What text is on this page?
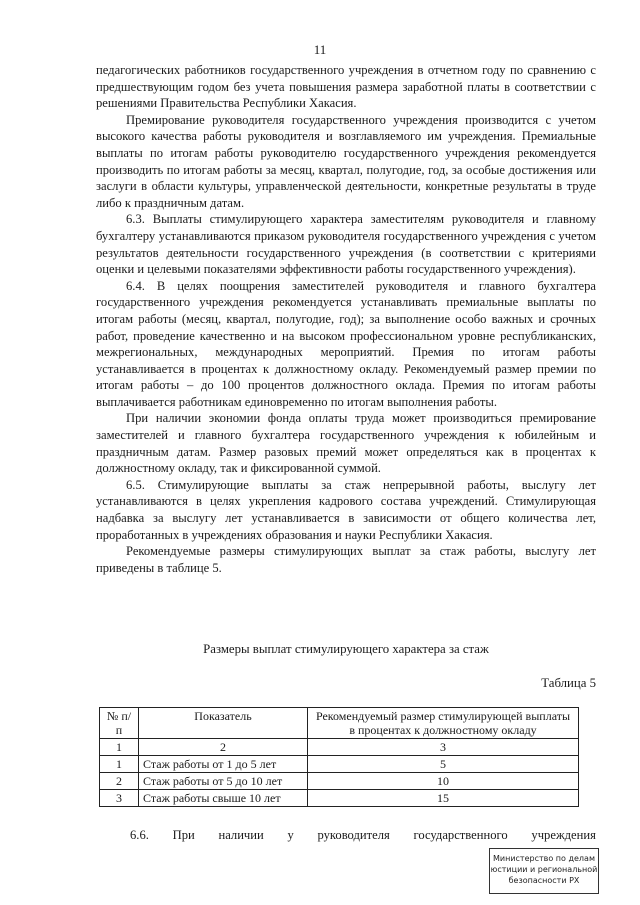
11

педагогических работников государственного учреждения в отчетном году по сравнению с предшествующим годом без учета повышения размера заработной платы в соответствии с решениями Правительства Республики Хакасия.

Премирование руководителя государственного учреждения производится с учетом высокого качества работы руководителя и возглавляемого им учреждения. Премиальные выплаты по итогам работы руководителю государственного учреждения рекомендуется производить по итогам работы за месяц, квартал, полугодие, год, за особые достижения или заслуги в области культуры, управленческой деятельности, конкретные результаты в труде либо к праздничным датам.

6.3. Выплаты стимулирующего характера заместителям руководителя и главному бухгалтеру устанавливаются приказом руководителя государственного учреждения с учетом результатов деятельности государственного учреждения (в соответствии с критериями оценки и целевыми показателями эффективности работы государственного учреждения).

6.4. В целях поощрения заместителей руководителя и главного бухгалтера государственного учреждения рекомендуется устанавливать премиальные выплаты по итогам работы (месяц, квартал, полугодие, год); за выполнение особо важных и срочных работ, проведение качественно и на высоком профессиональном уровне республиканских, межрегиональных, международных мероприятий. Премия по итогам работы устанавливается в процентах к должностному окладу. Рекомендуемый размер премии по итогам работы – до 100 процентов должностного оклада. Премия по итогам работы выплачивается работникам единовременно по итогам выполнения работы.

При наличии экономии фонда оплаты труда может производиться премирование заместителей и главного бухгалтера государственного учреждения к юбилейным и праздничным датам. Размер разовых премий может определяться как в процентах к должностному окладу, так и фиксированной суммой.

6.5. Стимулирующие выплаты за стаж непрерывной работы, выслугу лет устанавливаются в целях укрепления кадрового состава учреждений. Стимулирующая надбавка за выслугу лет устанавливается в зависимости от общего количества лет, проработанных в учреждениях образования и науки Республики Хакасия.

Рекомендуемые размеры стимулирующих выплат за стаж работы, выслугу лет приведены в таблице 5.

Размеры выплат стимулирующего характера за стаж
Таблица 5
№ п/п	Показатель	Рекомендуемый размер стимулирующей выплаты в процентах к должностному окладу
1	2	3
1	Стаж работы от 1 до 5 лет	5
2	Стаж работы от 5 до 10 лет	10
3	Стаж работы свыше 10 лет	15
6.6. При наличии у руководителя государственного учреждения
Министерство по делам
юстиции и региональной
безопасности РХ
